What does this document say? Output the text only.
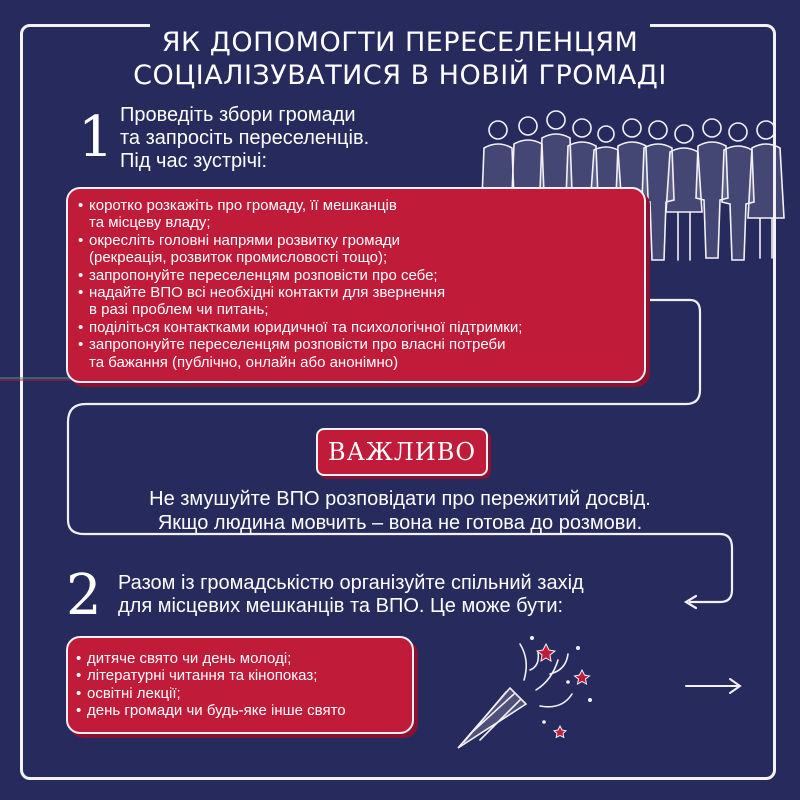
ЯК ДОПОМОГТИ ПЕРЕСЕЛЕНЦЯМ
СОЦІАЛІЗУВАТИСЯ В НОВІЙ ГРОМАДІ
1 Проведіть збори громади
та запросіть переселенців.
Під час зустрічі:

• коротко розкажіть про громаду, її мешканців
та місцеву владу;
• окресліть головні напрями розвитку громади
(рекреація, розвиток промисловості тощо);
• запропонуйте переселенцям розповісти про себе;
• надайте ВПО всі необхідні контакти для звернення
в разі проблем чи питань;
• поділіться контактками юридичної та психологічної підтримки;
• запропонуйте переселенцям розповісти про власні потреби
та бажання (публічно, онлайн або анонімно)
ВАЖЛИВО

Не змушуйте ВПО розповідати про пережитий досвід.
Якщо людина мовчить – вона не готова до розмови.

2 Разом із громадськістю організуйте спільний захід
для місцевих мешканців та ВПО. Це може бути:

• дитяче свято чи день молоді;
• літературні читання та кінопоказ;
• освітні лекції;
• день громади чи будь-яке інше свято
